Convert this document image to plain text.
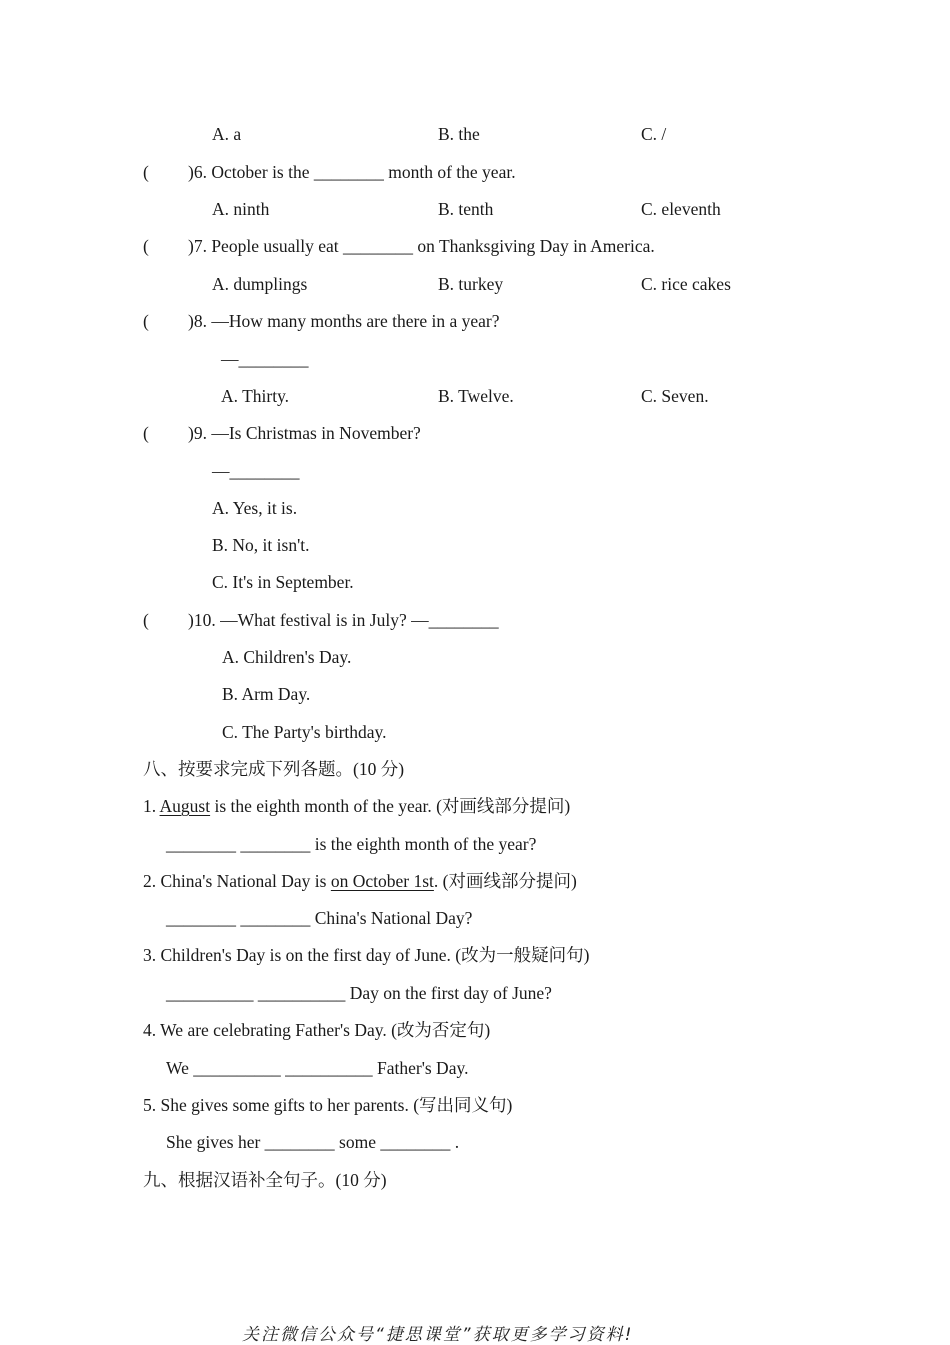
A. a	B. the	C. /
( )6. October is the ________ month of the year.
A. ninth	B. tenth	C. eleventh
( )7. People usually eat ________ on Thanksgiving Day in America.
A. dumplings	B. turkey	C. rice cakes
( )8. —How many months are there in a year?
—________
A. Thirty.	B. Twelve.	C. Seven.
( )9. —Is Christmas in November?
—________
A. Yes, it is.
B. No, it isn't.
C. It's in September.
( )10. —What festival is in July? —________
A. Children's Day.
B. Arm Day.
C. The Party's birthday.
八、按要求完成下列各题。(10 分)
1. August is the eighth month of the year. (对画线部分提问)
________ ________ is the eighth month of the year?
2. China's National Day is on October 1st. (对画线部分提问)
________ ________ China's National Day?
3. Children's Day is on the first day of June. (改为一般疑问句)
__________ __________ Day on the first day of June?
4. We are celebrating Father's Day. (改为否定句)
We __________ __________ Father's Day.
5. She gives some gifts to her parents. (写出同义句)
She gives her ________ some ________ .
九、根据汉语补全句子。(10 分)
关注微信公众号“捷思课堂”获取更多学习资料!
